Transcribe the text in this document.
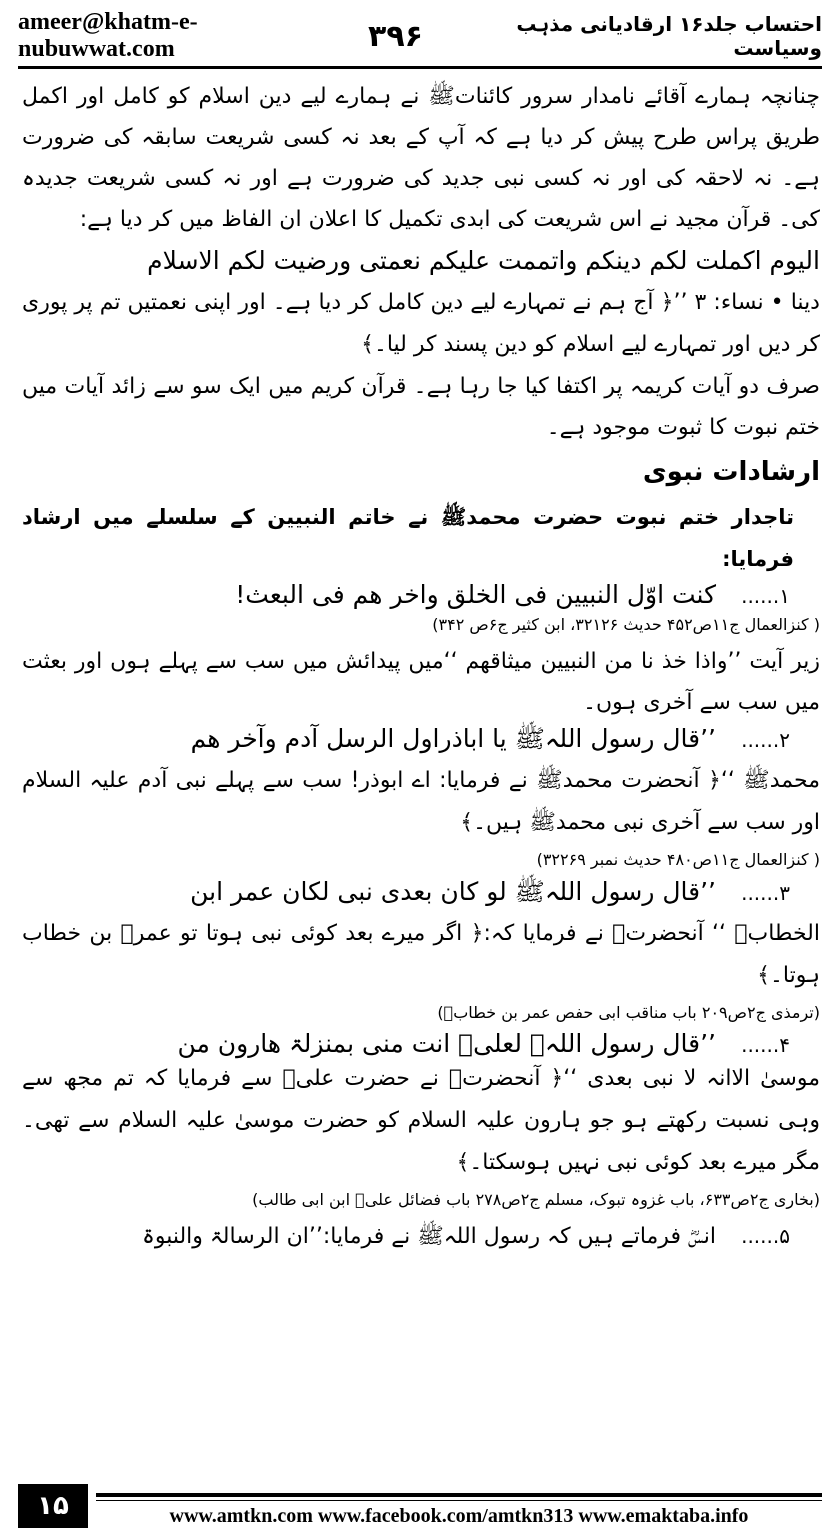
ameer@khatm-e-nubuwwat.com	۳۹۶	احتساب جلد۱۶ ارقادیانی مذہب وسیاست

چنانچہ ہمارے آقائے نامدار سرور کائناتﷺ نے ہمارے لیے دین اسلام کو کامل اور اکمل طریق پراس طرح پیش کر دیا ہے کہ آپ کے بعد نہ کسی شریعت سابقہ کی ضرورت ہے۔ نہ لاحقہ کی اور نہ کسی نبی جدید کی ضرورت ہے اور نہ کسی شریعت جدیدہ کی۔ قرآن مجید نے اس شریعت کی ابدی تکمیل کا اعلان ان الفاظ میں کر دیا ہے:

الیوم اکملت لکم دینکم واتممت علیکم نعمتی ورضیت لکم الاسلام

دینا • نساء: ۳ ’’﴿ آج ہم نے تمہارے لیے دین کامل کر دیا ہے۔ اور اپنی نعمتیں تم پر پوری کر دیں اور تمہارے لیے اسلام کو دین پسند کر لیا۔﴾

صرف دو آیات کریمہ پر اکتفا کیا جا رہا ہے۔ قرآن کریم میں ایک سو سے زائد آیات میں ختم نبوت کا ثبوت موجود ہے۔

ارشادات نبوی

تاجدار ختم نبوت حضرت محمدﷺ نے خاتم النبیین کے سلسلے میں ارشاد فرمایا:

۱......
کنت اوّل النبیین فی الخلق واخر ھم فی البعث!

( کنزالعمال ج۱۱ص۴۵۲ حدیث ۳۲۱۲۶، ابن کثیر ج۶ص ۳۴۲)

زیر آیت ’’واذا خذ نا من النبیین میثاقھم ‘‘میں پیدائش میں سب سے پہلے ہوں اور بعثت میں سب سے آخری ہوں۔

۲......
’’قال رسول اللہﷺ یا اباذراول الرسل آدم وآخر ھم

محمدﷺ ‘‘﴿ آنحضرت محمدﷺ نے فرمایا: اے ابوذر! سب سے پہلے نبی آدم علیہ السلام اور سب سے آخری نبی محمدﷺ ہیں۔﴾

( کنزالعمال ج۱۱ص۴۸۰ حدیث نمبر ۳۲۲۶۹)

۳......
’’قال رسول اللہﷺ لو کان بعدی نبی لکان عمر ابن

الخطابؓ ‘‘ آنحضرتﷺ نے فرمایا کہ:﴿ اگر میرے بعد کوئی نبی ہوتا تو عمرؓ بن خطاب ہوتا۔﴾

(ترمذی ج۲ص۲۰۹ باب مناقب ابی حفص عمر بن خطابؓ)

۴......
’’قال رسول اللہﷺ لعلیؓ انت منی بمنزلۃ ھارون من

موسیٰ الاانہ لا نبی بعدی ‘‘﴿ آنحضرتﷺ نے حضرت علیؓ سے فرمایا کہ تم مجھ سے وہی نسبت رکھتے ہو جو ہارون علیہ السلام کو حضرت موسیٰ علیہ السلام سے تھی۔ مگر میرے بعد کوئی نبی نہیں ہوسکتا۔﴾

(بخاری ج۲ص۶۳۳، باب غزوہ تبوک، مسلم ج۲ص۲۷۸ باب فضائل علیؓ ابن ابی طالب)

۵......
انسؓ فرماتے ہیں کہ رسول اللہﷺ نے فرمایا:’’ان الرسالۃ والنبوۃ
۱۵	www.amtkn.com www.facebook.com/amtkn313 www.emaktaba.info
